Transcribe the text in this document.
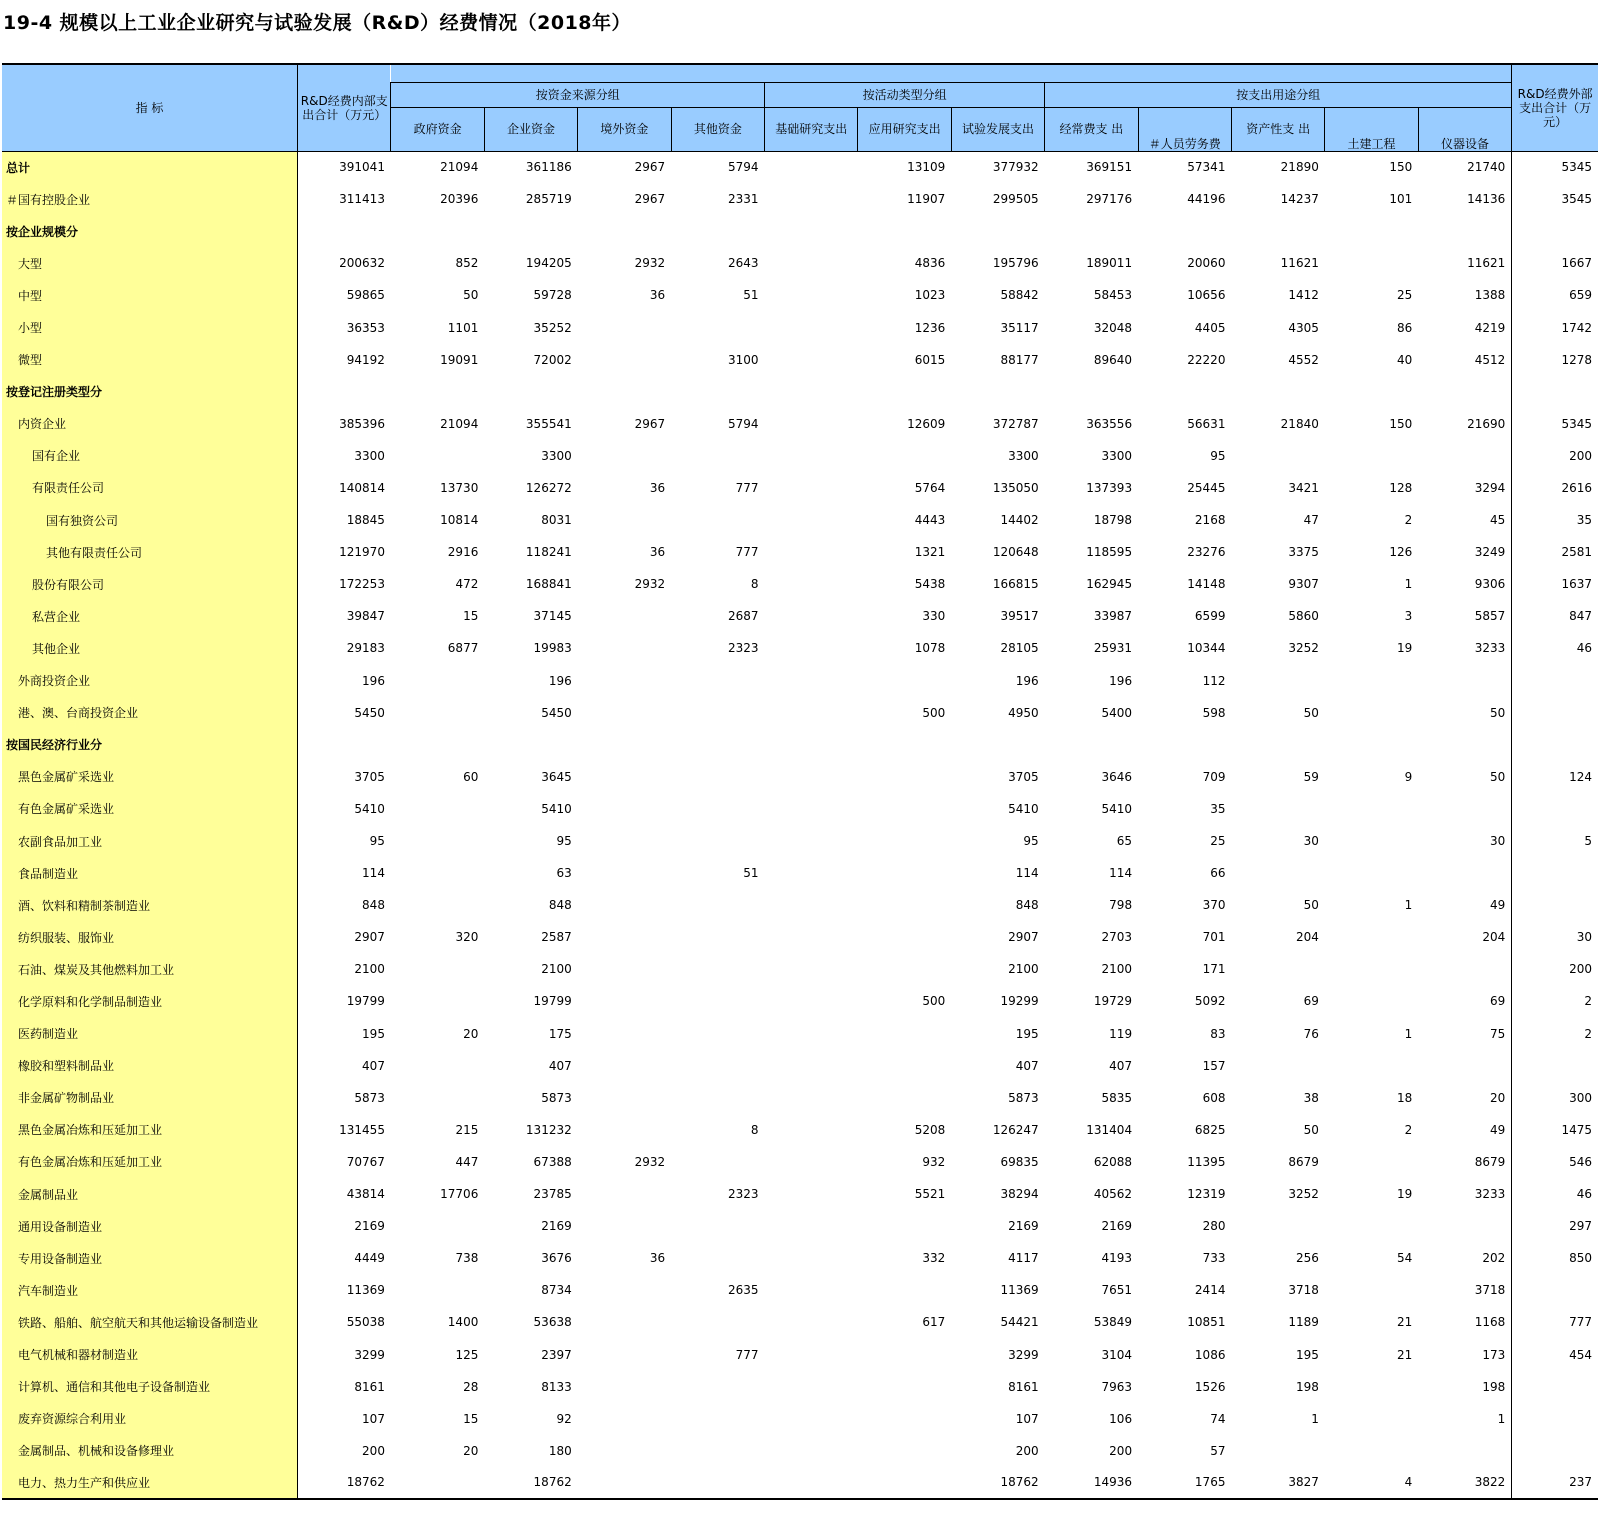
19-4 规模以上工业企业研究与试验发展（R&D）经费情况（2018年）
指 标	R&D经费内部支出合计（万元）													R&D经费外部支出合计（万元）
		按资金来源分组				按活动类型分组			按支出用途分组					
		政府资金	企业资金	境外资金	其他资金	基础研究支出	应用研究支出	试验发展支出	经常费支 出	＃人员劳务费	资产性支 出	土建工程	仪器设备	
总计	391041	21094	361186	2967	5794		13109	377932	369151	57341	21890	150	21740	5345
＃国有控股企业	311413	20396	285719	2967	2331		11907	299505	297176	44196	14237	101	14136	3545
按企业规模分														
大型	200632	852	194205	2932	2643		4836	195796	189011	20060	11621		11621	1667
中型	59865	50	59728	36	51		1023	58842	58453	10656	1412	25	1388	659
小型	36353	1101	35252				1236	35117	32048	4405	4305	86	4219	1742
微型	94192	19091	72002		3100		6015	88177	89640	22220	4552	40	4512	1278
按登记注册类型分														
内资企业	385396	21094	355541	2967	5794		12609	372787	363556	56631	21840	150	21690	5345
国有企业	3300		3300					3300	3300	95				200
有限责任公司	140814	13730	126272	36	777		5764	135050	137393	25445	3421	128	3294	2616
国有独资公司	18845	10814	8031				4443	14402	18798	2168	47	2	45	35
其他有限责任公司	121970	2916	118241	36	777		1321	120648	118595	23276	3375	126	3249	2581
股份有限公司	172253	472	168841	2932	8		5438	166815	162945	14148	9307	1	9306	1637
私营企业	39847	15	37145		2687		330	39517	33987	6599	5860	3	5857	847
其他企业	29183	6877	19983		2323		1078	28105	25931	10344	3252	19	3233	46
外商投资企业	196		196					196	196	112				
港、澳、台商投资企业	5450		5450				500	4950	5400	598	50		50	
按国民经济行业分														
黑色金属矿采选业	3705	60	3645					3705	3646	709	59	9	50	124
有色金属矿采选业	5410		5410					5410	5410	35				
农副食品加工业	95		95					95	65	25	30		30	5
食品制造业	114		63		51			114	114	66				
酒、饮料和精制茶制造业	848		848					848	798	370	50	1	49	
纺织服装、服饰业	2907	320	2587					2907	2703	701	204		204	30
石油、煤炭及其他燃料加工业	2100		2100					2100	2100	171				200
化学原料和化学制品制造业	19799		19799				500	19299	19729	5092	69		69	2
医药制造业	195	20	175					195	119	83	76	1	75	2
橡胶和塑料制品业	407		407					407	407	157				
非金属矿物制品业	5873		5873					5873	5835	608	38	18	20	300
黑色金属冶炼和压延加工业	131455	215	131232		8		5208	126247	131404	6825	50	2	49	1475
有色金属冶炼和压延加工业	70767	447	67388	2932			932	69835	62088	11395	8679		8679	546
金属制品业	43814	17706	23785		2323		5521	38294	40562	12319	3252	19	3233	46
通用设备制造业	2169		2169					2169	2169	280				297
专用设备制造业	4449	738	3676	36			332	4117	4193	733	256	54	202	850
汽车制造业	11369		8734		2635			11369	7651	2414	3718		3718	
铁路、船舶、航空航天和其他运输设备制造业	55038	1400	53638				617	54421	53849	10851	1189	21	1168	777
电气机械和器材制造业	3299	125	2397		777			3299	3104	1086	195	21	173	454
计算机、通信和其他电子设备制造业	8161	28	8133					8161	7963	1526	198		198	
废弃资源综合利用业	107	15	92					107	106	74	1		1	
金属制品、机械和设备修理业	200	20	180					200	200	57				
电力、热力生产和供应业	18762		18762					18762	14936	1765	3827	4	3822	237
